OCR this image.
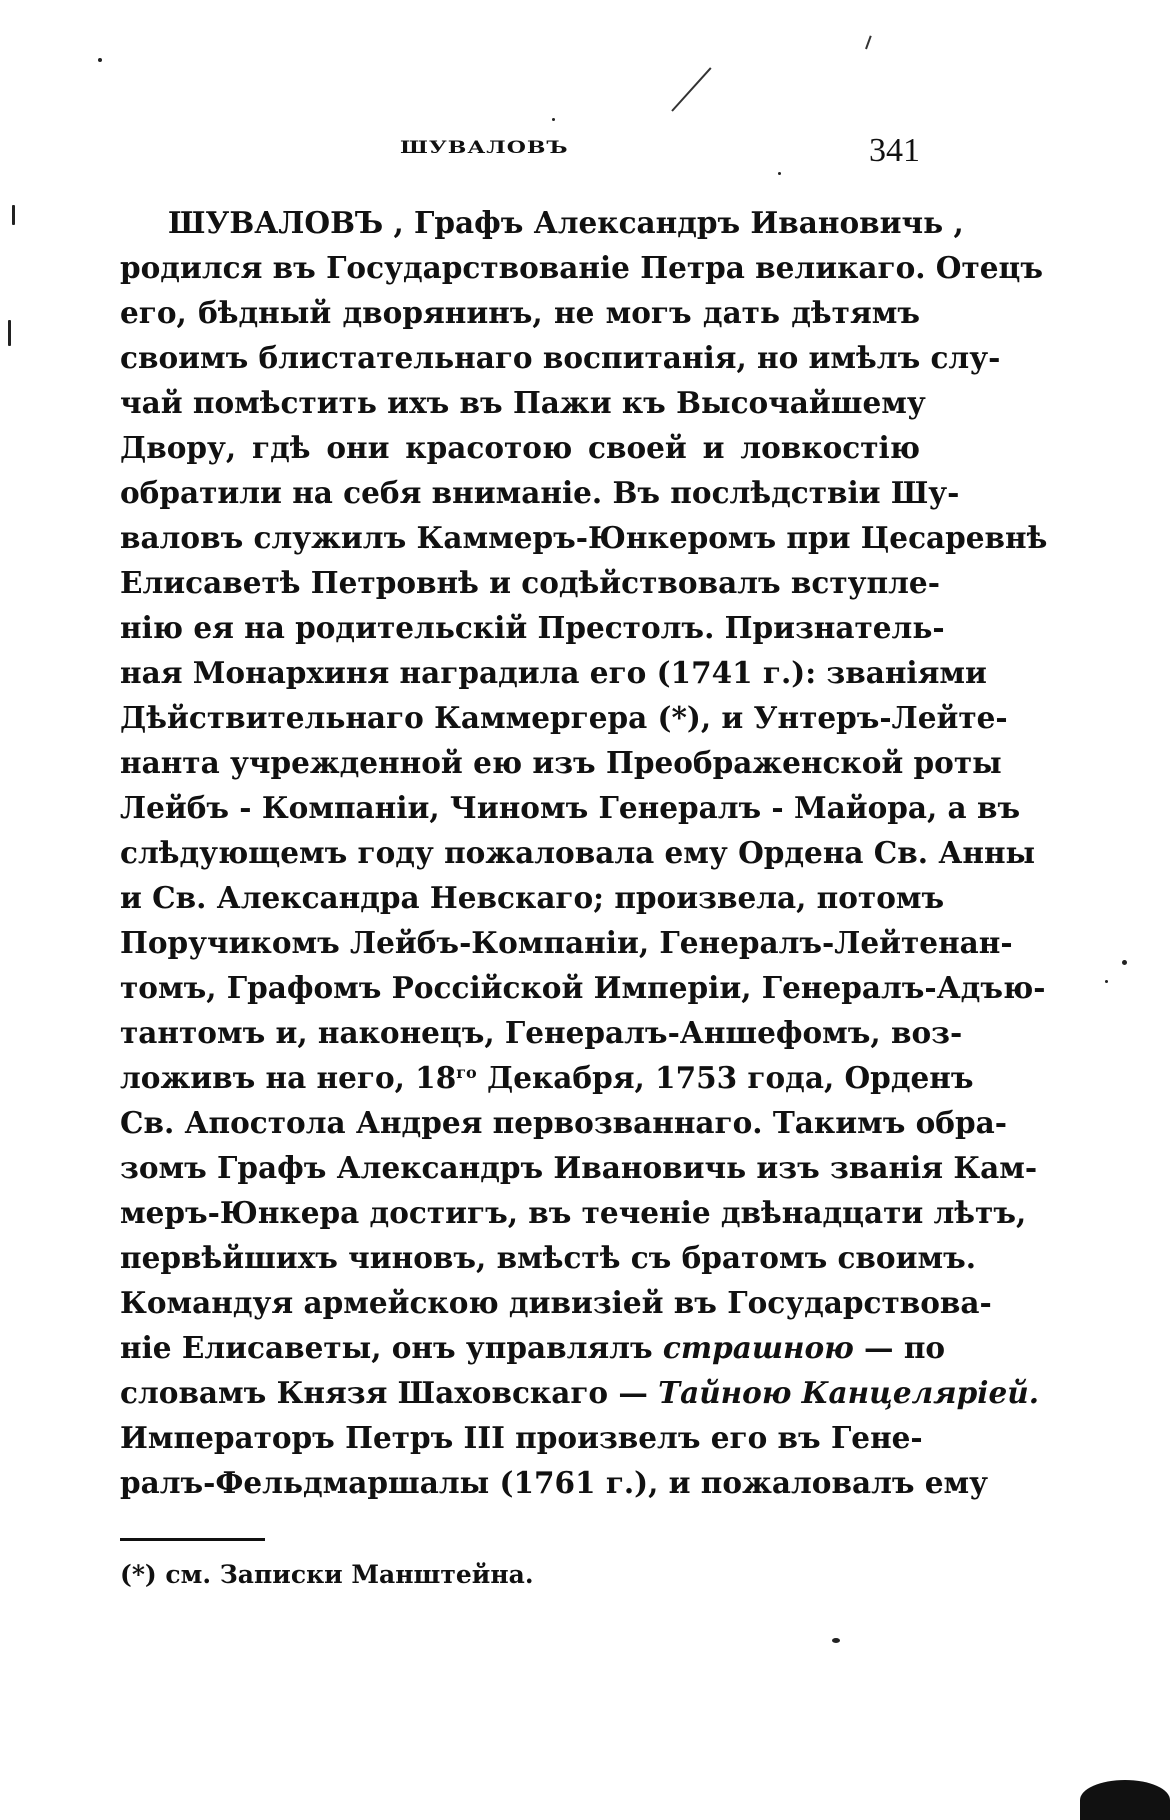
ШУВАЛОВЪ	341
ШУВАЛОВЪ , Графъ Александръ Ивановичь ,
родился въ Государствованіе Петра великаго. Отецъ
его, бѣдный дворянинъ, не могъ дать дѣтямъ
своимъ блистательнаго воспитанія, но имѣлъ слу-
чай помѣстить ихъ въ Пажи къ Высочайшему
Двору, гдѣ они красотою своей и ловкостію
обратили на себя вниманіе. Въ послѣдствіи Шу-
валовъ служилъ Каммеръ-Юнкеромъ при Цесаревнѣ
Елисаветѣ Петровнѣ и содѣйствовалъ вступле-
нію ея на родительскій Престолъ. Признатель-
ная Монархиня наградила его (1741 г.): званіями
Дѣйствительнаго Каммергера (*), и Унтеръ-Лейте-
нанта учрежденной ею изъ Преображенской роты
Лейбъ - Компаніи, Чиномъ Генералъ - Майора, а въ
слѣдующемъ году пожаловала ему Ордена Св. Анны
и Св. Александра Невскаго; произвела, потомъ
Поручикомъ Лейбъ-Компаніи, Генералъ-Лейтенан-
томъ, Графомъ Россійской Имперіи, Генералъ-Адъю-
тантомъ и, наконецъ, Генералъ-Аншефомъ, воз-
ложивъ на него, $18^{го}$ Декабря, 1753 года, Орденъ
Св. Апостола Андрея первозваннаго. Такимъ обра-
зомъ Графъ Александръ Ивановичь изъ званія Кам-
меръ-Юнкера достигъ, въ теченіе двѣнадцати лѣтъ,
первѣйшихъ чиновъ, вмѣстѣ съ братомъ своимъ.
Командуя армейскою дивизіей въ Государствова-
ніе Елисаветы, онъ управлялъ страшною — по
словамъ Князя Шаховскаго — Тайною Канцеляріей.
Императоръ Петръ III произвелъ его въ Гене-
ралъ-Фельдмаршалы (1761 г.), и пожаловалъ ему
(*) см. Записки Манштейна.
